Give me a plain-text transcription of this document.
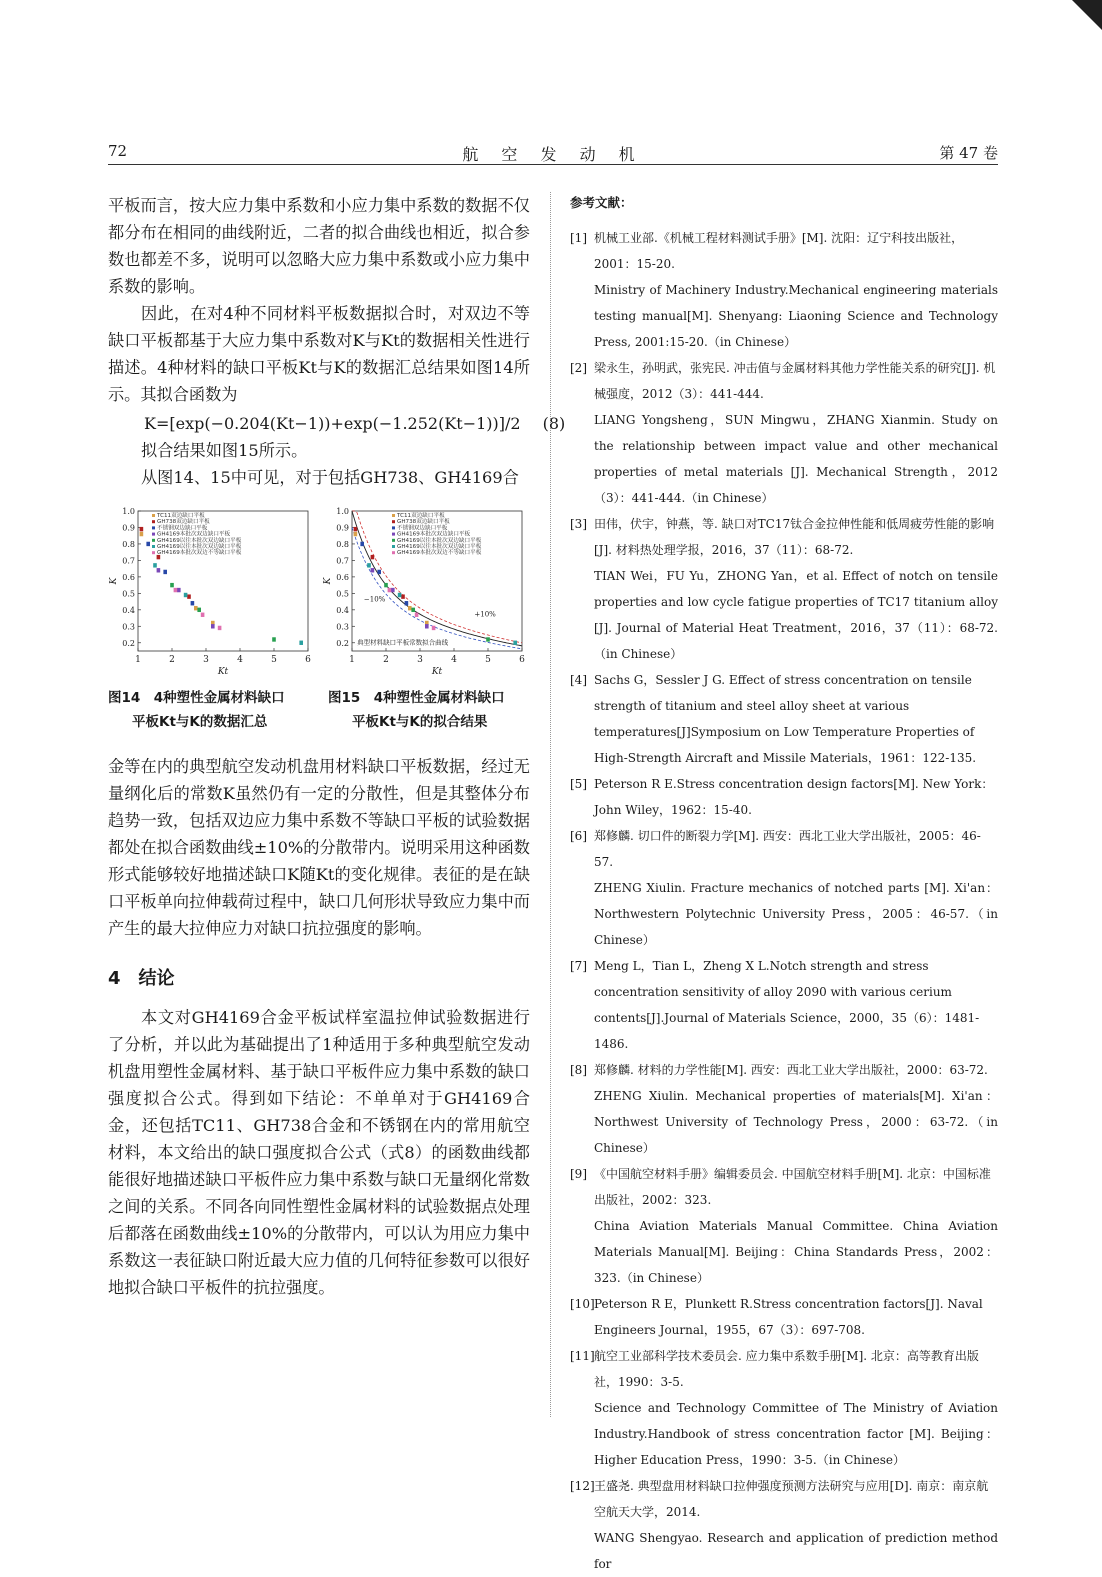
72	航 空 发 动 机	第 47 卷

平板而言，按大应力集中系数和小应力集中系数的数据不仅都分布在相同的曲线附近，二者的拟合曲线也相近，拟合参数也都差不多，说明可以忽略大应力集中系数或小应力集中系数的影响。

因此，在对4种不同材料平板数据拟合时，对双边不等缺口平板都基于大应力集中系数对K与Kt的数据相关性进行描述。4种材料的缺口平板Kt与K的数据汇总结果如图14所示。其拟合函数为

K=[exp(−0.204(Kt−1))+exp(−1.252(Kt−1))]/2 (8)

拟合结果如图15所示。

从图14、15中可见，对于包括GH738、GH4169合

1	2	3	4	5	6
1.0
0.9
0.8
0.7
0.6
0.5
0.4
0.3
0.2
Kt
K
TC11双边缺口平板
GH738双边缺口平板
不锈钢双边缺口平板
GH4169本批次双边缺口平板
GH4169以往本批次双边缺口平板
GH4169以往本批次双边缺口平板
GH4169本批次双边不等缺口平板
1	2	3	4	5	6
1.0
0.9
0.8
0.7
0.6
0.5
0.4
0.3
0.2
Kt
K
+10%
−10%
典型材料缺口平板常数拟合曲线
TC11双边缺口平板
GH738双边缺口平板
不锈钢双边缺口平板
GH4169本批次双边缺口平板
GH4169以往本批次双边缺口平板
GH4169以往本批次双边缺口平板
GH4169本批次双边不等缺口平板
图14　4种塑性金属材料缺口
平板Kt与K的数据汇总
图15　4种塑性金属材料缺口
平板Kt与K的拟合结果

金等在内的典型航空发动机盘用材料缺口平板数据，经过无量纲化后的常数K虽然仍有一定的分散性，但是其整体分布趋势一致，包括双边应力集中系数不等缺口平板的试验数据都处在拟合函数曲线±10%的分散带内。说明采用这种函数形式能够较好地描述缺口K随Kt的变化规律。表征的是在缺口平板单向拉伸载荷过程中，缺口几何形状导致应力集中而产生的最大拉伸应力对缺口抗拉强度的影响。

4　结论

本文对GH4169合金平板试样室温拉伸试验数据进行了分析，并以此为基础提出了1种适用于多种典型航空发动机盘用塑性金属材料、基于缺口平板件应力集中系数的缺口强度拟合公式。得到如下结论：不单单对于GH4169合金，还包括TC11、GH738合金和不锈钢在内的常用航空材料，本文给出的缺口强度拟合公式（式8）的函数曲线都能很好地描述缺口平板件应力集中系数与缺口无量纲化常数之间的关系。不同各向同性塑性金属材料的试验数据点处理后都落在函数曲线±10%的分散带内，可以认为用应力集中系数这一表征缺口附近最大应力值的几何特征参数可以很好地拟合缺口平板件的抗拉强度。

参考文献：
[1] 机械工业部.《机械工程材料测试手册》[M]. 沈阳：辽宁科技出版社，2001：15-20.
Ministry of Machinery Industry.Mechanical engineering materials testing manual[M]. Shenyang: Liaoning Science and Technology Press, 2001:15-20.（in Chinese）
[2] 梁永生，孙明武，张宪民. 冲击值与金属材料其他力学性能关系的研究[J]. 机械强度，2012（3）：441-444.
LIANG Yongsheng，SUN Mingwu，ZHANG Xianmin. Study on the relationship between impact value and other mechanical properties of metal materials [J]. Mechanical Strength，2012（3）：441-444.（in Chinese）
[3] 田伟，伏宇，钟燕，等. 缺口对TC17钛合金拉伸性能和低周疲劳性能的影响[J]. 材料热处理学报，2016，37（11）：68-72.
TIAN Wei，FU Yu，ZHONG Yan，et al. Effect of notch on tensile properties and low cycle fatigue properties of TC17 titanium alloy [J]. Journal of Material Heat Treatment，2016，37（11）：68-72.（in Chinese）
[4] Sachs G，Sessler J G. Effect of stress concentration on tensile strength of titanium and steel alloy sheet at various temperatures[J]Symposium on Low Temperature Properties of High-Strength Aircraft and Missile Materials，1961：122-135.
[5] Peterson R E.Stress concentration design factors[M]. New York：John Wiley，1962：15-40.
[6] 郑修麟. 切口件的断裂力学[M]. 西安：西北工业大学出版社，2005：46-57.
ZHENG Xiulin. Fracture mechanics of notched parts [M]. Xi'an：Northwestern Polytechnic University Press，2005：46-57.（in Chinese）
[7] Meng L，Tian L，Zheng X L.Notch strength and stress concentration sensitivity of alloy 2090 with various cerium contents[J].Journal of Materials Science，2000，35（6）：1481-1486.
[8] 郑修麟. 材料的力学性能[M]. 西安：西北工业大学出版社，2000：63-72.
ZHENG Xiulin. Mechanical properties of materials[M]. Xi'an：Northwest University of Technology Press，2000：63-72.（in Chinese）
[9] 《中国航空材料手册》编辑委员会. 中国航空材料手册[M]. 北京：中国标准出版社，2002：323.
China Aviation Materials Manual Committee. China Aviation Materials Manual[M]. Beijing：China Standards Press，2002：323.（in Chinese）
[10]Peterson R E，Plunkett R.Stress concentration factors[J]. Naval Engineers Journal，1955，67（3）：697-708.
[11]航空工业部科学技术委员会. 应力集中系数手册[M]. 北京：高等教育出版社，1990：3-5.
Science and Technology Committee of The Ministry of Aviation Industry.Handbook of stress concentration factor [M]. Beijing：Higher Education Press，1990：3-5.（in Chinese）
[12]王盛尧. 典型盘用材料缺口拉伸强度预测方法研究与应用[D]. 南京：南京航空航天大学，2014.
WANG Shengyao. Research and application of prediction method for
